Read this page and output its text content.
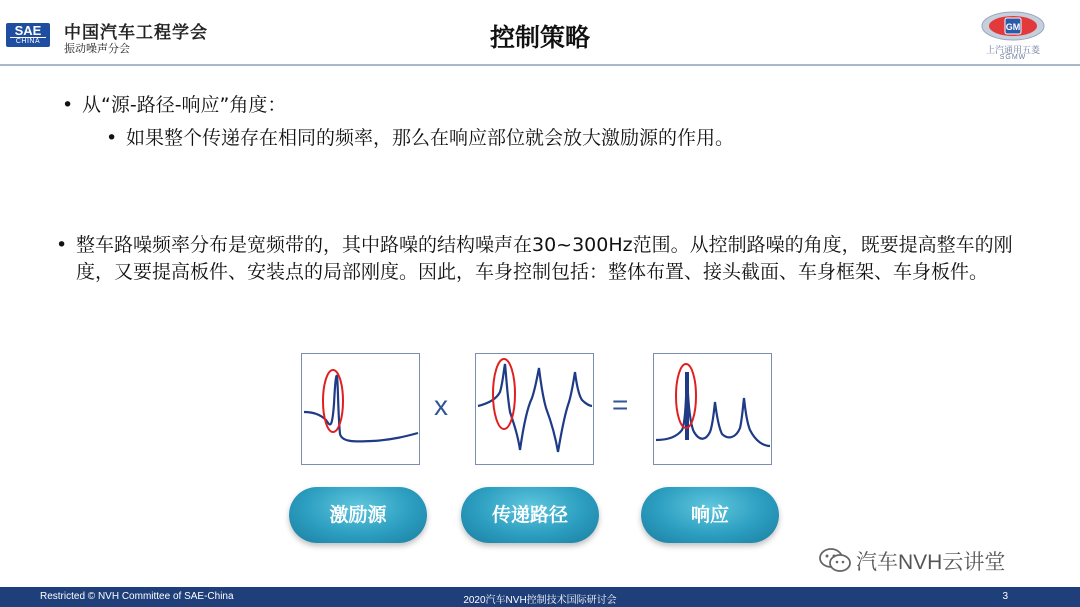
SAE
CHINA	中国汽车工程学会
振动噪声分会	控制策略	GM
上汽通用五菱
SGMW
• 从“源-路径-响应”角度：
• 如果整个传递存在相同的频率，那么在响应部位就会放大激励源的作用。
• 整车路噪频率分布是宽频带的，其中路噪的结构噪声在30~300Hz范围。从控制路噪的角度，既要提高整车的刚度，又要提高板件、安装点的局部刚度。因此，车身控制包括：整体布置、接头截面、车身框架、车身板件。
x	=
激励源	传递路径	响应
汽车NVH云讲堂
Restricted © NVH Committee of SAE-China	2020汽车NVH控制技术国际研讨会	3
